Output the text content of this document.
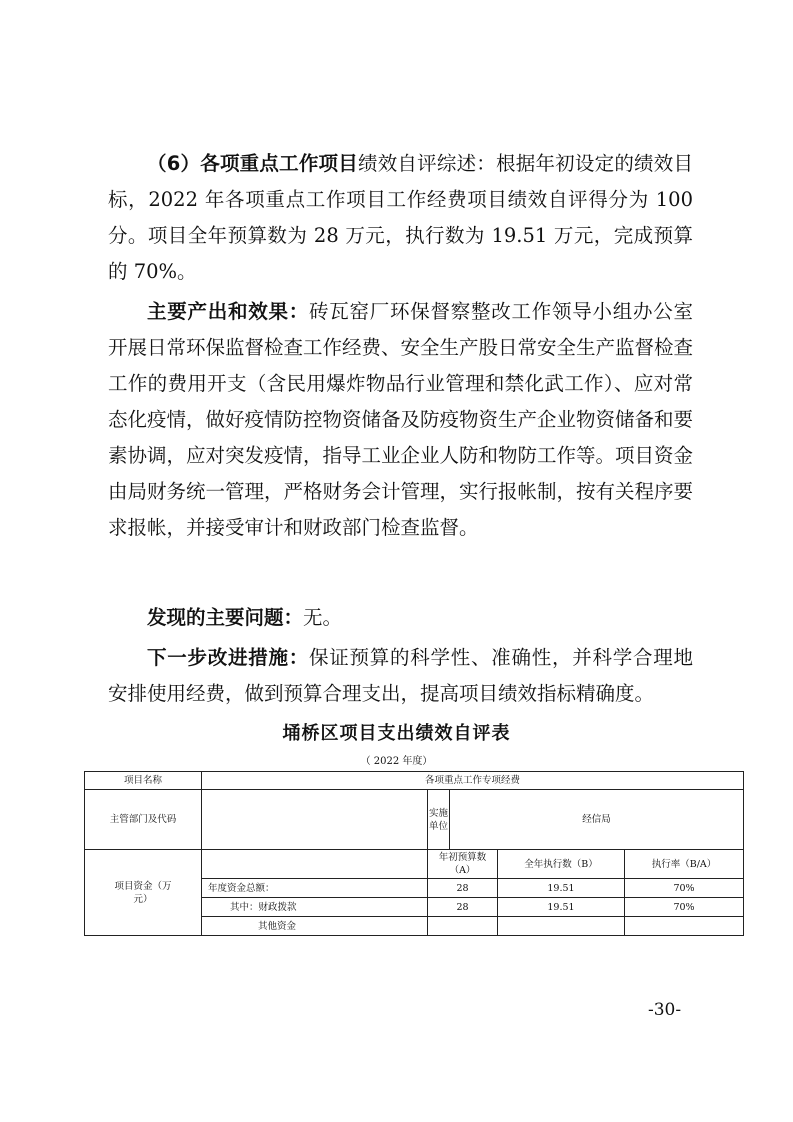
（6）各项重点工作项目绩效自评综述：根据年初设定的绩效目标，2022 年各项重点工作项目工作经费项目绩效自评得分为 100 分。项目全年预算数为 28 万元，执行数为 19.51 万元，完成预算的 70%。

主要产出和效果：砖瓦窑厂环保督察整改工作领导小组办公室开展日常环保监督检查工作经费、安全生产股日常安全生产监督检查工作的费用开支（含民用爆炸物品行业管理和禁化武工作）、应对常态化疫情，做好疫情防控物资储备及防疫物资生产企业物资储备和要素协调，应对突发疫情，指导工业企业人防和物防工作等。项目资金由局财务统一管理，严格财务会计管理，实行报帐制，按有关程序要求报帐，并接受审计和财政部门检查监督。

发现的主要问题：无。

下一步改进措施：保证预算的科学性、准确性，并科学合理地安排使用经费，做到预算合理支出，提高项目绩效指标精确度。

埇桥区项目支出绩效自评表
（ 2022 年度）
项目名称	各项重点工作专项经费				
主管部门及代码		实施单位	经信局		
项目资金（万元）		年初预算数（A）		全年执行数（B）	执行率（B/A）
	年度资金总额：	28		19.51	70%
	其中：财政拨款	28		19.51	70%
	其他资金				
-30-
